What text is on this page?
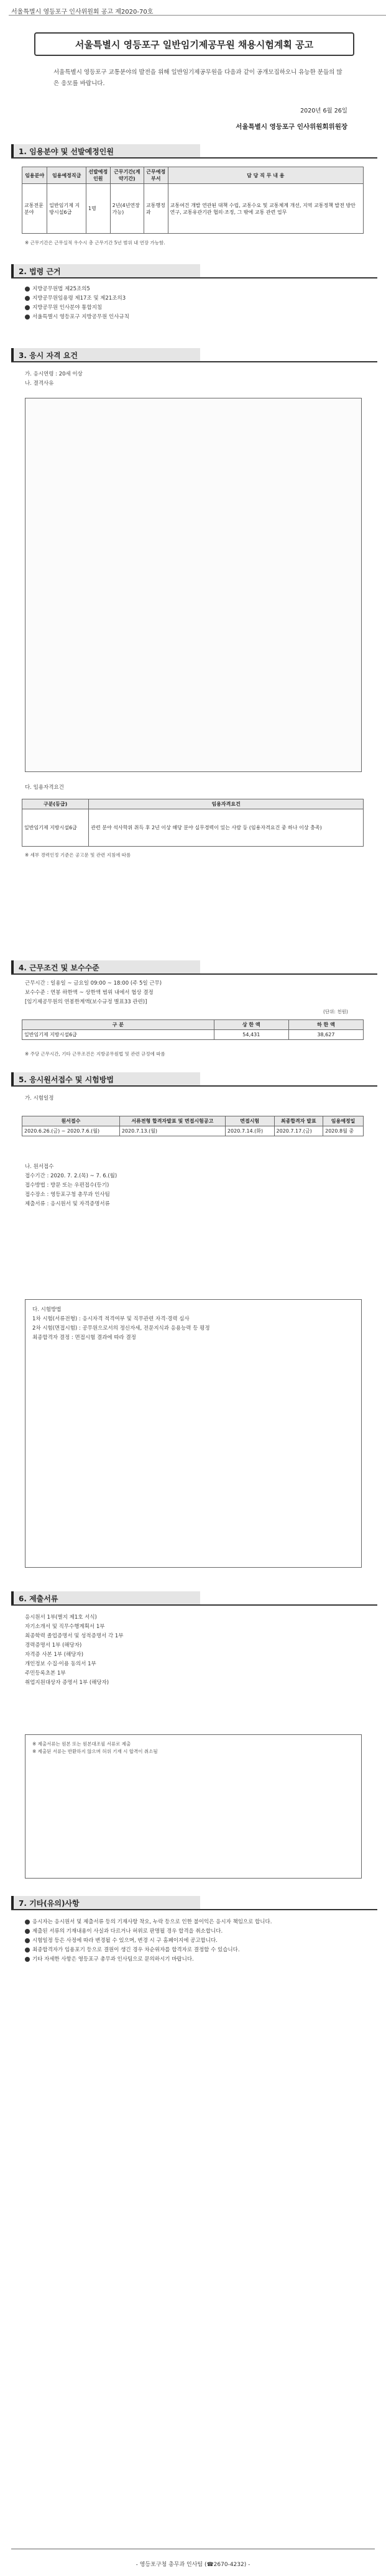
서울특별시 영등포구 인사위원회 공고 제2020-70호
서울특별시 영등포구 일반임기제공무원 채용시험계획 공고
서울특별시 영등포구 교통분야의 발전을 위해 일반임기제공무원을 다음과 같이 공개모집하오니 유능한 분들의 많은 응모를 바랍니다.
2020년 6월 26일
서울특별시 영등포구 인사위원회위원장
1. 임용분야 및 선발예정인원
임용분야	임용예정직급	선발예정인원	근무기간(계약기간)	근무예정부서	담 당 직 무 내 용
교통전문 분야	일반임기제 지방시설6급	1명	2년(4년연장가능)	교통행정과	교통여건 개발 연관된 대책 수립, 교통수요 및 교통체계 개선, 지역 교통정책 발전 방안 연구, 교통유관기관 협의·조정, 그 밖에 교통 관련 업무
※ 근무기간은 근무실적 우수시 총 근무기간 5년 범위 내 연장 가능함.
2. 법령 근거
지방공무원법 제25조의5
지방공무원임용령 제17조 및 제21조의3
지방공무원 인사분야 통합지침
서울특별시 영등포구 지방공무원 인사규칙
3. 응시 자격 요건
가. 응시연령 : 20세 이상
나. 결격사유
다. 임용자격요건
구분(등급)	임용자격요건
일반임기제 지방시설6급	관련 분야 석사학위 취득 후 2년 이상 해당 분야 실무경력이 있는 사람 등 (임용자격요건 중 하나 이상 충족)
※ 세부 경력인정 기준은 공고문 및 관련 지침에 따름
4. 근무조건 및 보수수준
근무시간 : 일용일 ~ 금요일 09:00 ~ 18:00 (주 5일 근무)
보수수준 : 연봉 하한액 ~ 상한액 범위 내에서 협상 결정
[임기제공무원의 연봉한계액(보수규정 별표33 관련)]
(단위: 천원)
구 분	상 한 액	하 한 액
일반임기제 지방시설6급	54,431	38,627
※ 주당 근무시간, 기타 근무조건은 지방공무원법 및 관련 규정에 따름
5. 응시원서접수 및 시험방법
가. 시험일정
원서접수	서류전형 합격자발표 및 면접시험공고	면접시험	최종합격자 발표	임용예정일
2020.6.26.(금) ~ 2020.7.6.(월)	2020.7.13.(월)	2020.7.14.(화)	2020.7.17.(금)	2020.8월 중
나. 원서접수
접수기간 : 2020. 7. 2.(목) ~ 7. 6.(월)
접수방법 : 방문 또는 우편접수(등기)
접수장소 : 영등포구청 총무과 인사팀
제출서류 : 응시원서 및 자격증명서류
다. 시험방법
1차 시험(서류전형) : 응시자격 적격여부 및 직무관련 자격·경력 심사
2차 시험(면접시험) : 공무원으로서의 정신자세, 전문지식과 응용능력 등 평정
최종합격자 결정 : 면접시험 결과에 따라 결정
6. 제출서류
응시원서 1부(별지 제1호 서식)
자기소개서 및 직무수행계획서 1부
최종학력 졸업증명서 및 성적증명서 각 1부
경력증명서 1부 (해당자)
자격증 사본 1부 (해당자)
개인정보 수집·이용 동의서 1부
주민등록초본 1부
취업지원대상자 증명서 1부 (해당자)
※ 제출서류는 원본 또는 원본대조필 서류로 제출
※ 제출된 서류는 반환하지 않으며 허위 기재 시 합격이 취소됨
7. 기타(유의)사항
응시자는 응시원서 및 제출서류 등의 기재사항 착오, 누락 등으로 인한 불이익은 응시자 책임으로 합니다.
제출된 서류의 기재내용이 사실과 다르거나 허위로 판명될 경우 합격을 취소합니다.
시험일정 등은 사정에 따라 변경될 수 있으며, 변경 시 구 홈페이지에 공고합니다.
최종합격자가 임용포기 등으로 결원이 생긴 경우 차순위자를 합격자로 결정할 수 있습니다.
기타 자세한 사항은 영등포구 총무과 인사팀으로 문의하시기 바랍니다.
- 영등포구청 총무과 인사팀 (☎2670-4232) -
